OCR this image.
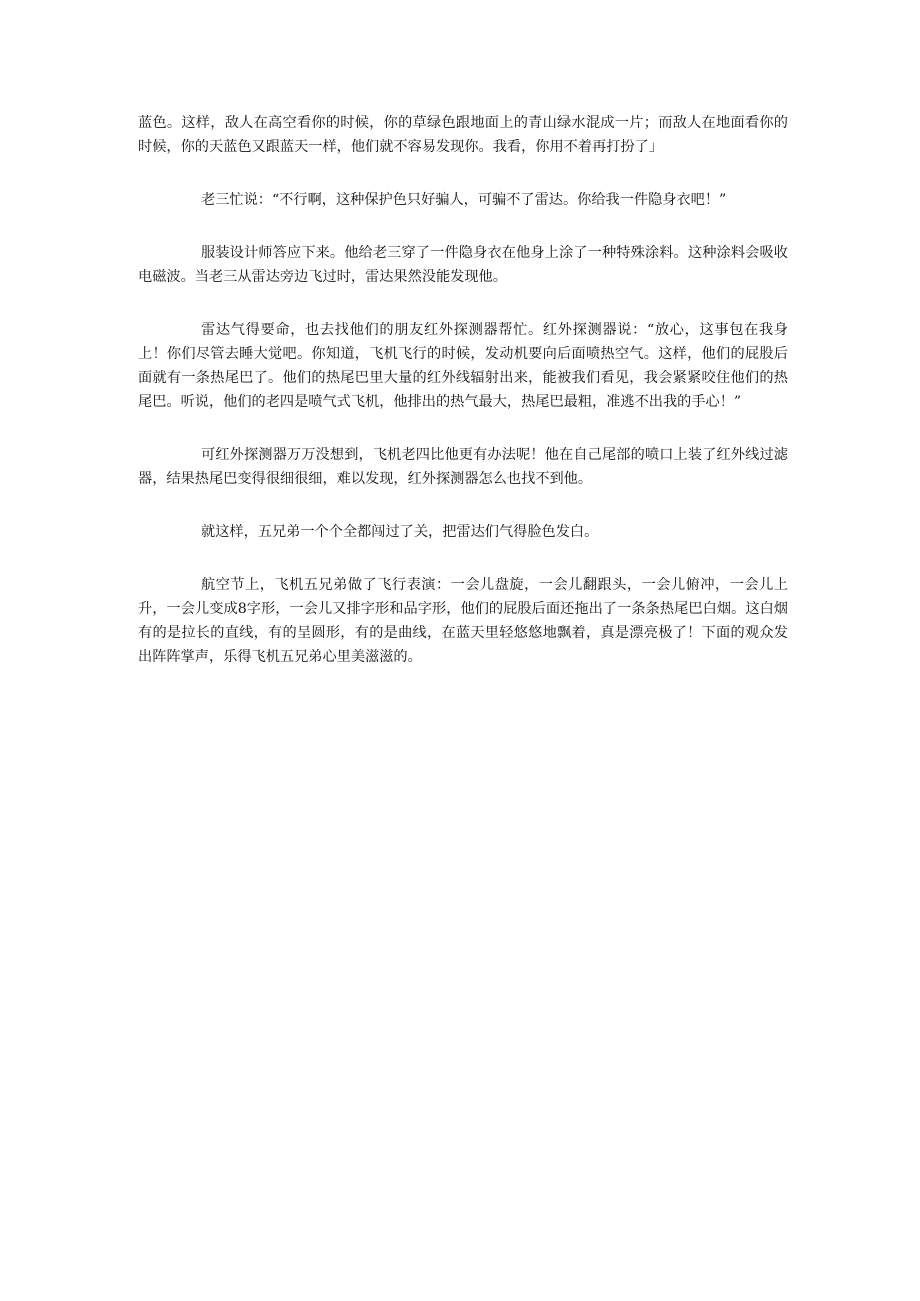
蓝色。这样，敌人在高空看你的时候，你的草绿色跟地面上的青山绿水混成一片；而敌人在地面看你的时候，你的天蓝色又跟蓝天一样，他们就不容易发现你。我看，你用不着再打扮了」

老三忙说：“不行啊，这种保护色只好骗人，可骗不了雷达。你给我一件隐身衣吧！”

服装设计师答应下来。他给老三穿了一件隐身衣在他身上涂了一种特殊涂料。这种涂料会吸收电磁波。当老三从雷达旁边飞过时，雷达果然没能发现他。

雷达气得要命，也去找他们的朋友红外探测器帮忙。红外探测器说：“放心，这事包在我身上！你们尽管去睡大觉吧。你知道，飞机飞行的时候，发动机要向后面喷热空气。这样，他们的屁股后面就有一条热尾巴了。他们的热尾巴里大量的红外线辐射出来，能被我们看见，我会紧紧咬住他们的热尾巴。听说，他们的老四是喷气式飞机，他排出的热气最大，热尾巴最粗，准逃不出我的手心！”

可红外探测器万万没想到，飞机老四比他更有办法呢！他在自己尾部的喷口上装了红外线过滤器，结果热尾巴变得很细很细，难以发现，红外探测器怎么也找不到他。

就这样，五兄弟一个个全都闯过了关，把雷达们气得脸色发白。

航空节上，飞机五兄弟做了飞行表演：一会儿盘旋，一会儿翻跟头，一会儿俯冲，一会儿上升，一会儿变成8字形，一会儿又排字形和品字形，他们的屁股后面还拖出了一条条热尾巴白烟。这白烟有的是拉长的直线，有的呈圆形，有的是曲线，在蓝天里轻悠悠地飘着，真是漂亮极了！下面的观众发出阵阵掌声，乐得飞机五兄弟心里美滋滋的。
